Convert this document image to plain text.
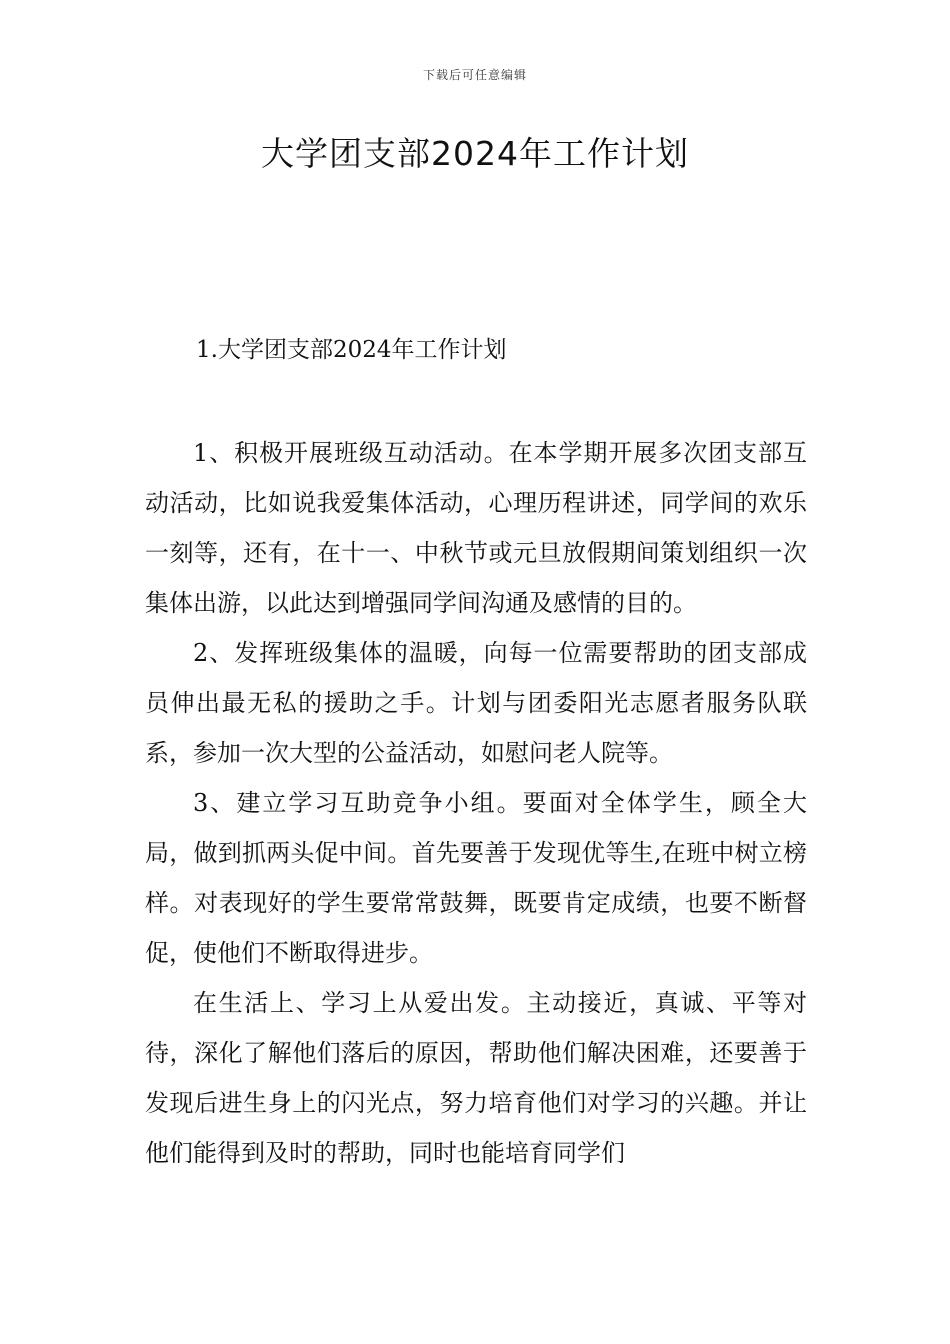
下载后可任意编辑
大学团支部2024年工作计划
1.大学团支部2024年工作计划

1、积极开展班级互动活动。在本学期开展多次团支部互动活动，比如说我爱集体活动，心理历程讲述，同学间的欢乐一刻等，还有，在十一、中秋节或元旦放假期间策划组织一次集体出游，以此达到增强同学间沟通及感情的目的。

2、发挥班级集体的温暖，向每一位需要帮助的团支部成员伸出最无私的援助之手。计划与团委阳光志愿者服务队联系，参加一次大型的公益活动，如慰问老人院等。

3、建立学习互助竞争小组。要面对全体学生，顾全大局，做到抓两头促中间。首先要善于发现优等生,在班中树立榜样。对表现好的学生要常常鼓舞，既要肯定成绩，也要不断督促，使他们不断取得进步。

在生活上、学习上从爱出发。主动接近，真诚、平等对待，深化了解他们落后的原因，帮助他们解决困难，还要善于发现后进生身上的闪光点，努力培育他们对学习的兴趣。并让他们能得到及时的帮助，同时也能培育同学们
